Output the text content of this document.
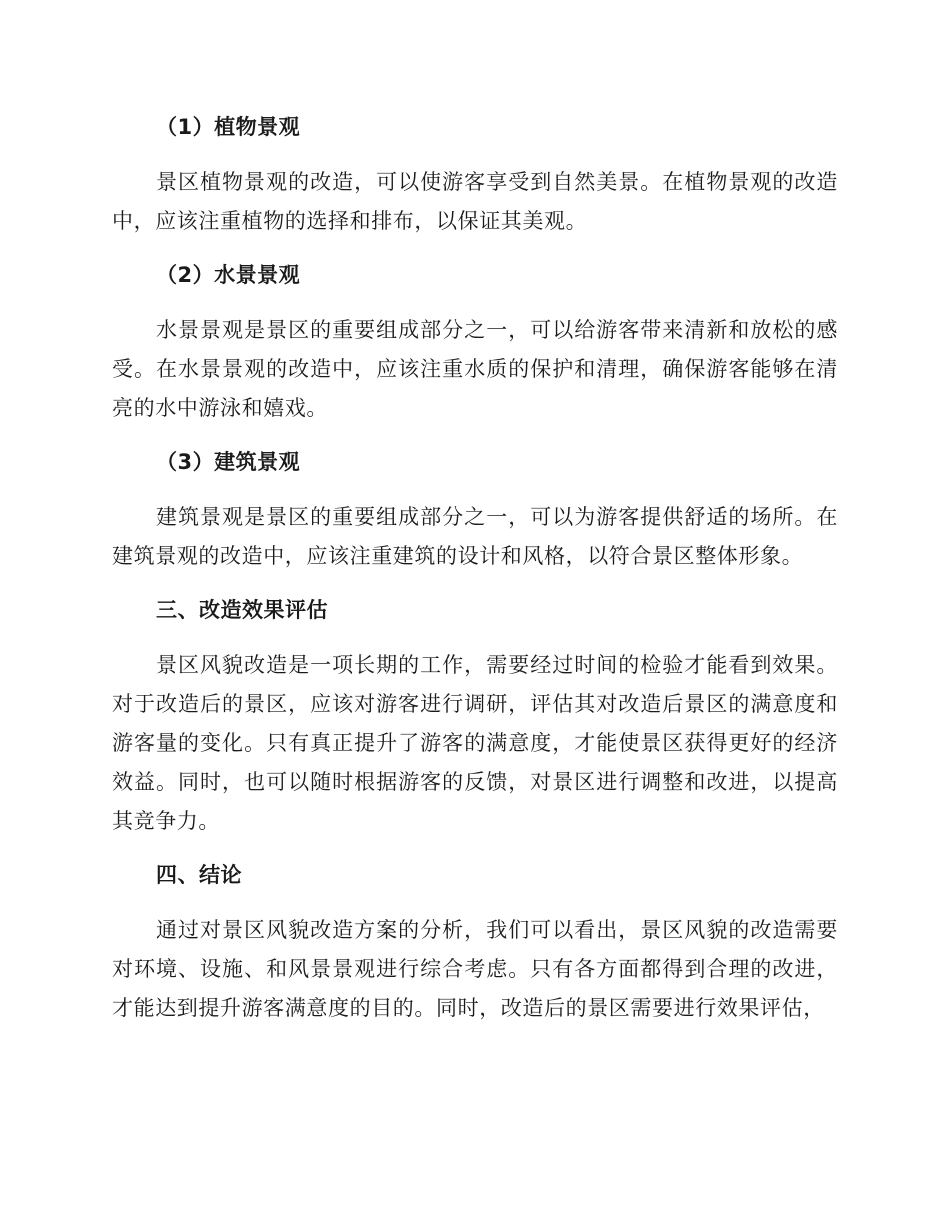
（1）植物景观

景区植物景观的改造，可以使游客享受到自然美景。在植物景观的改造中，应该注重植物的选择和排布，以保证其美观。

（2）水景景观

水景景观是景区的重要组成部分之一，可以给游客带来清新和放松的感受。在水景景观的改造中，应该注重水质的保护和清理，确保游客能够在清亮的水中游泳和嬉戏。

（3）建筑景观

建筑景观是景区的重要组成部分之一，可以为游客提供舒适的场所。在建筑景观的改造中，应该注重建筑的设计和风格，以符合景区整体形象。

三、改造效果评估

景区风貌改造是一项长期的工作，需要经过时间的检验才能看到效果。对于改造后的景区，应该对游客进行调研，评估其对改造后景区的满意度和游客量的变化。只有真正提升了游客的满意度，才能使景区获得更好的经济效益。同时，也可以随时根据游客的反馈，对景区进行调整和改进，以提高其竞争力。

四、结论

通过对景区风貌改造方案的分析，我们可以看出，景区风貌的改造需要对环境、设施、和风景景观进行综合考虑。只有各方面都得到合理的改进，才能达到提升游客满意度的目的。同时，改造后的景区需要进行效果评估，
